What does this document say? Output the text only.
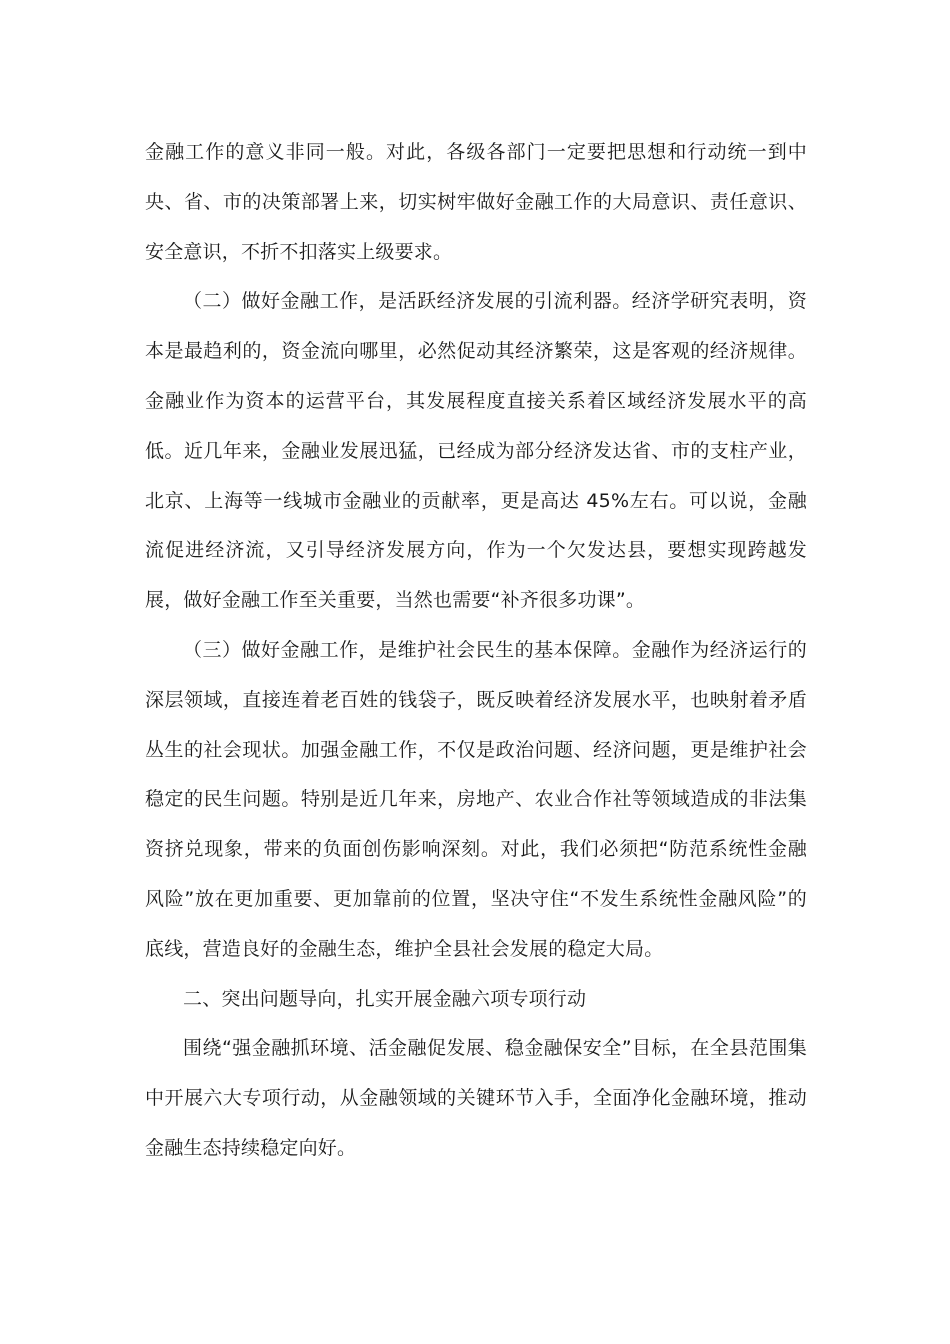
金融工作的意义非同一般。对此，各级各部门一定要把思想和行动统一到中央、省、市的决策部署上来，切实树牢做好金融工作的大局意识、责任意识、安全意识，不折不扣落实上级要求。

（二）做好金融工作，是活跃经济发展的引流利器。经济学研究表明，资本是最趋利的，资金流向哪里，必然促动其经济繁荣，这是客观的经济规律。金融业作为资本的运营平台，其发展程度直接关系着区域经济发展水平的高低。近几年来，金融业发展迅猛，已经成为部分经济发达省、市的支柱产业，北京、上海等一线城市金融业的贡献率，更是高达 45%左右。可以说，金融流促进经济流，又引导经济发展方向，作为一个欠发达县，要想实现跨越发展，做好金融工作至关重要，当然也需要“补齐很多功课”。

（三）做好金融工作，是维护社会民生的基本保障。金融作为经济运行的深层领域，直接连着老百姓的钱袋子，既反映着经济发展水平，也映射着矛盾丛生的社会现状。加强金融工作，不仅是政治问题、经济问题，更是维护社会稳定的民生问题。特别是近几年来，房地产、农业合作社等领域造成的非法集资挤兑现象，带来的负面创伤影响深刻。对此，我们必须把“防范系统性金融风险”放在更加重要、更加靠前的位置，坚决守住“不发生系统性金融风险”的底线，营造良好的金融生态，维护全县社会发展的稳定大局。

二、突出问题导向，扎实开展金融六项专项行动

围绕“强金融抓环境、活金融促发展、稳金融保安全”目标，在全县范围集中开展六大专项行动，从金融领域的关键环节入手，全面净化金融环境，推动金融生态持续稳定向好。
